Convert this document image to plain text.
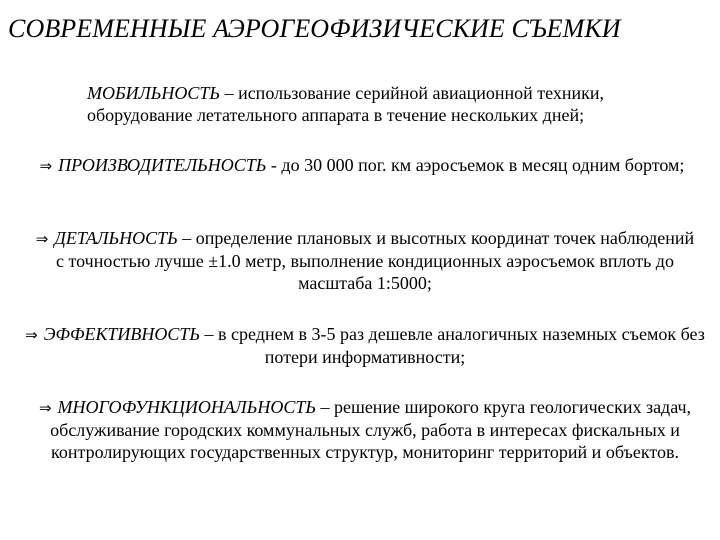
СОВРЕМЕННЫЕ АЭРОГЕОФИЗИЧЕСКИЕ СЪЕМКИ
МОБИЛЬНОСТЬ – использование серийной авиационной техники, оборудование летательного аппарата в течение нескольких дней;
⇒ ПРОИЗВОДИТЕЛЬНОСТЬ - до 30 000 пог. км аэросъемок в месяц одним бортом;
⇒ ДЕТАЛЬНОСТЬ – определение плановых и высотных координат точек наблюдений с точностью лучше ±1.0 метр, выполнение кондиционных аэросъемок вплоть до масштаба 1:5000;
⇒ ЭФФЕКТИВНОСТЬ – в среднем в 3-5 раз дешевле аналогичных наземных съемок без потери информативности;
⇒ МНОГОФУНКЦИОНАЛЬНОСТЬ – решение широкого круга геологических задач, обслуживание городских коммунальных служб, работа в интересах фискальных и контролирующих государственных структур, мониторинг территорий и объектов.
